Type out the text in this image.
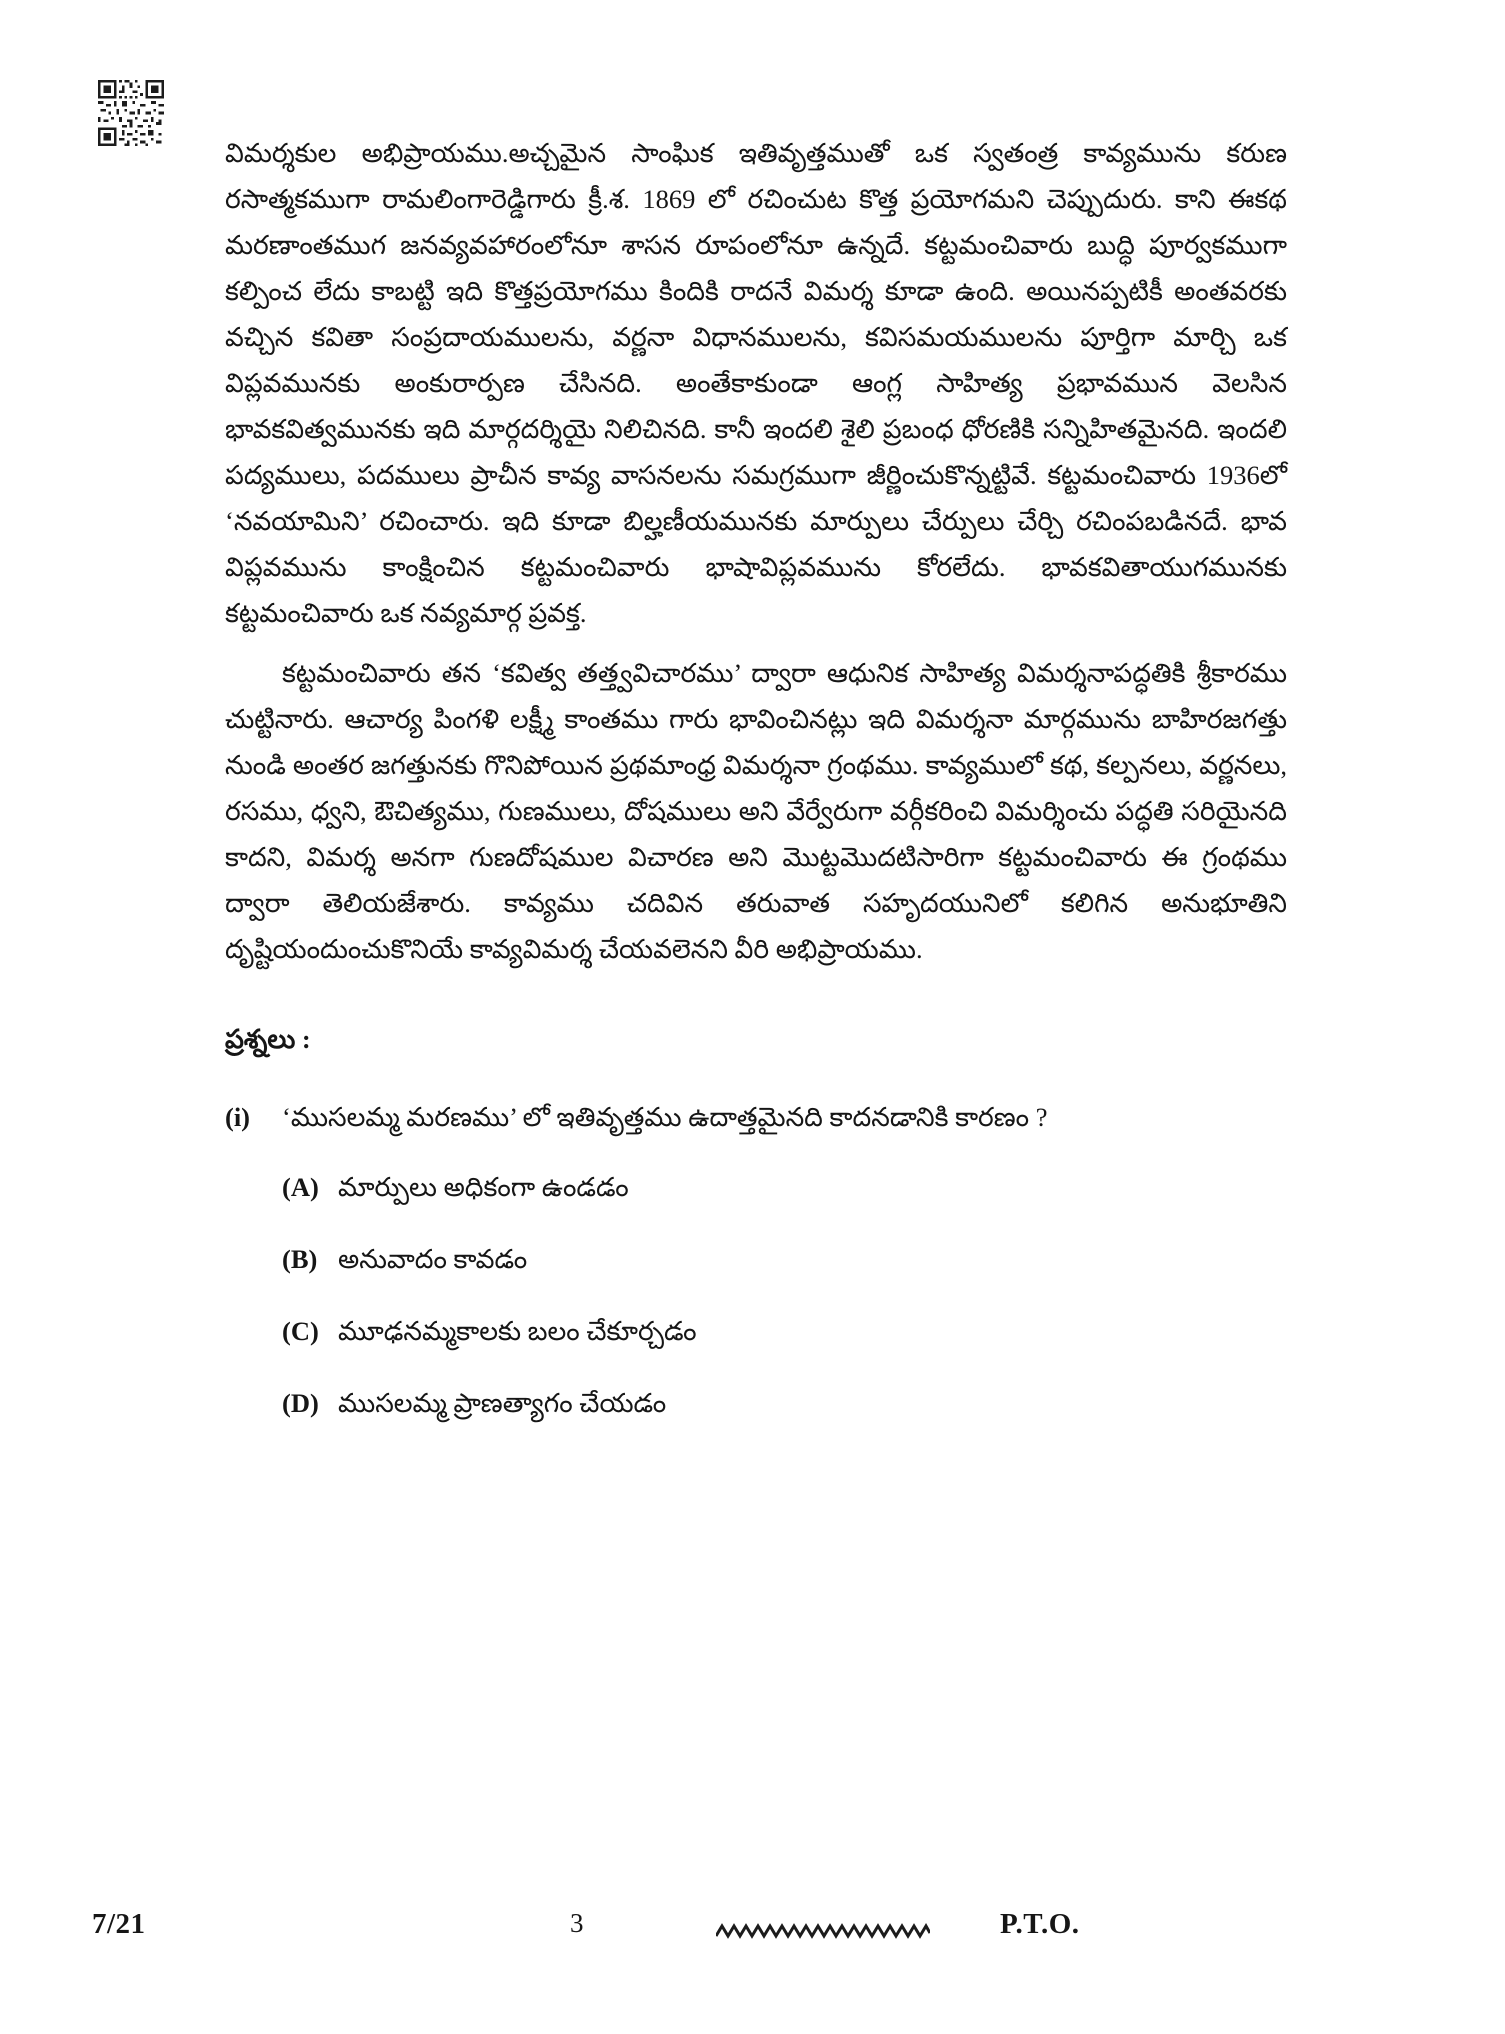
విమర్శకుల అభిప్రాయము.అచ్చమైన సాంఘిక ఇతివృత్తముతో ఒక స్వతంత్ర కావ్యమును కరుణ రసాత్మకముగా రామలింగారెడ్డిగారు క్రీ.శ. 1869 లో రచించుట కొత్త ప్రయోగమని చెప్పుదురు. కాని ఈకథ మరణాంతముగ జనవ్యవహారంలోనూ శాసన రూపంలోనూ ఉన్నదే. కట్టమంచివారు బుద్ధి పూర్వకముగా కల్పించ లేదు కాబట్టి ఇది కొత్తప్రయోగము కిందికి రాదనే విమర్శ కూడా ఉంది. అయినప్పటికీ అంతవరకు వచ్చిన కవితా సంప్రదాయములను, వర్ణనా విధానములను, కవిసమయములను పూర్తిగా మార్చి ఒక విప్లవమునకు అంకురార్పణ చేసినది. అంతేకాకుండా ఆంగ్ల సాహిత్య ప్రభావమున వెలసిన భావకవిత్వమునకు ఇది మార్గదర్శియై నిలిచినది. కానీ ఇందలి శైలి ప్రబంధ ధోరణికి సన్నిహితమైనది. ఇందలి పద్యములు, పదములు ప్రాచీన కావ్య వాసనలను సమగ్రముగా జీర్ణించుకొన్నట్టివే. కట్టమంచివారు 1936లో ‘నవయామిని’ రచించారు. ఇది కూడా బిల్హణీయమునకు మార్పులు చేర్పులు చేర్చి రచింపబడినదే. భావ విప్లవమును కాంక్షించిన కట్టమంచివారు భాషావిప్లవమును కోరలేదు. భావకవితాయుగమునకు కట్టమంచివారు ఒక నవ్యమార్గ ప్రవక్త.

కట్టమంచివారు తన ‘కవిత్వ తత్త్వవిచారము’ ద్వారా ఆధునిక సాహిత్య విమర్శనాపద్ధతికి శ్రీకారము చుట్టినారు. ఆచార్య పింగళి లక్ష్మీ కాంతము గారు భావించినట్లు ఇది విమర్శనా మార్గమును బాహిరజగత్తు నుండి అంతర జగత్తునకు గొనిపోయిన ప్రథమాంధ్ర విమర్శనా గ్రంథము. కావ్యములో కథ, కల్పనలు, వర్ణనలు, రసము, ధ్వని, ఔచిత్యము, గుణములు, దోషములు అని వేర్వేరుగా వర్గీకరించి విమర్శించు పద్ధతి సరియైనది కాదని, విమర్శ అనగా గుణదోషముల విచారణ అని మొట్టమొదటిసారిగా కట్టమంచివారు ఈ గ్రంథము ద్వారా తెలియజేశారు. కావ్యము చదివిన తరువాత సహృదయునిలో కలిగిన అనుభూతిని దృష్టియందుంచుకొనియే కావ్యవిమర్శ చేయవలెనని వీరి అభిప్రాయము.

ప్రశ్నలు :
(i)	‘ముసలమ్మ మరణము’ లో ఇతివృత్తము ఉదాత్తమైనది కాదనడానికి కారణం ?
(A) మార్పులు అధికంగా ఉండడం
(B) అనువాదం కావడం
(C) మూఢనమ్మకాలకు బలం చేకూర్చడం
(D) ముసలమ్మ ప్రాణత్యాగం చేయడం
7/21	3	P.T.O.
